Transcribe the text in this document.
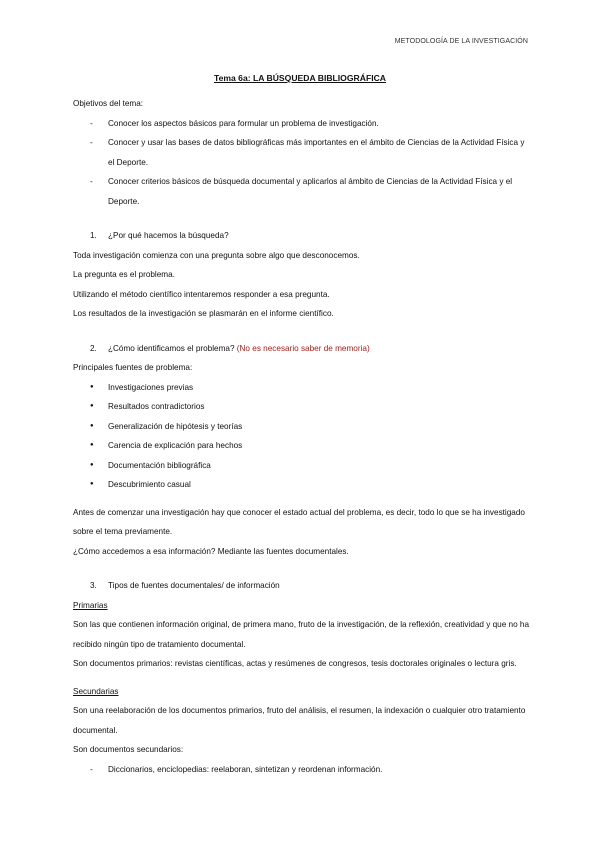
METODOLOGÍA DE LA INVESTIGACIÓN
Tema 6a: LA BÚSQUEDA BIBLIOGRÁFICA

Objetivos del tema:

- Conocer los aspectos básicos para formular un problema de investigación.
- Conocer y usar las bases de datos bibliográficas más importantes en el ámbito de Ciencias de la Actividad Física y el Deporte.
- Conocer criterios básicos de búsqueda documental y aplicarlos al ámbito de Ciencias de la Actividad Física y el Deporte.

1. ¿Por qué hacemos la búsqueda?

Toda investigación comienza con una pregunta sobre algo que desconocemos.

La pregunta es el problema.

Utilizando el método científico intentaremos responder a esa pregunta.

Los resultados de la investigación se plasmarán en el informe científico.

2. ¿Cómo identificamos el problema? (No es necesario saber de memoria)

Principales fuentes de problema:

● Investigaciones previas
● Resultados contradictorios
● Generalización de hipótesis y teorías
● Carencia de explicación para hechos
● Documentación bibliográfica
● Descubrimiento casual

Antes de comenzar una investigación hay que conocer el estado actual del problema, es decir, todo lo que se ha investigado sobre el tema previamente.

¿Cómo accedemos a esa información? Mediante las fuentes documentales.

3. Tipos de fuentes documentales/ de información

Primarias

Son las que contienen información original, de primera mano, fruto de la investigación, de la reflexión, creatividad y que no ha recibido ningún tipo de tratamiento documental.

Son documentos primarios: revistas científicas, actas y resúmenes de congresos, tesis doctorales originales o lectura gris.

Secundarias

Son una reelaboración de los documentos primarios, fruto del análisis, el resumen, la indexación o cualquier otro tratamiento documental.

Son documentos secundarios:

- Diccionarios, enciclopedias: reelaboran, sintetizan y reordenan información.
